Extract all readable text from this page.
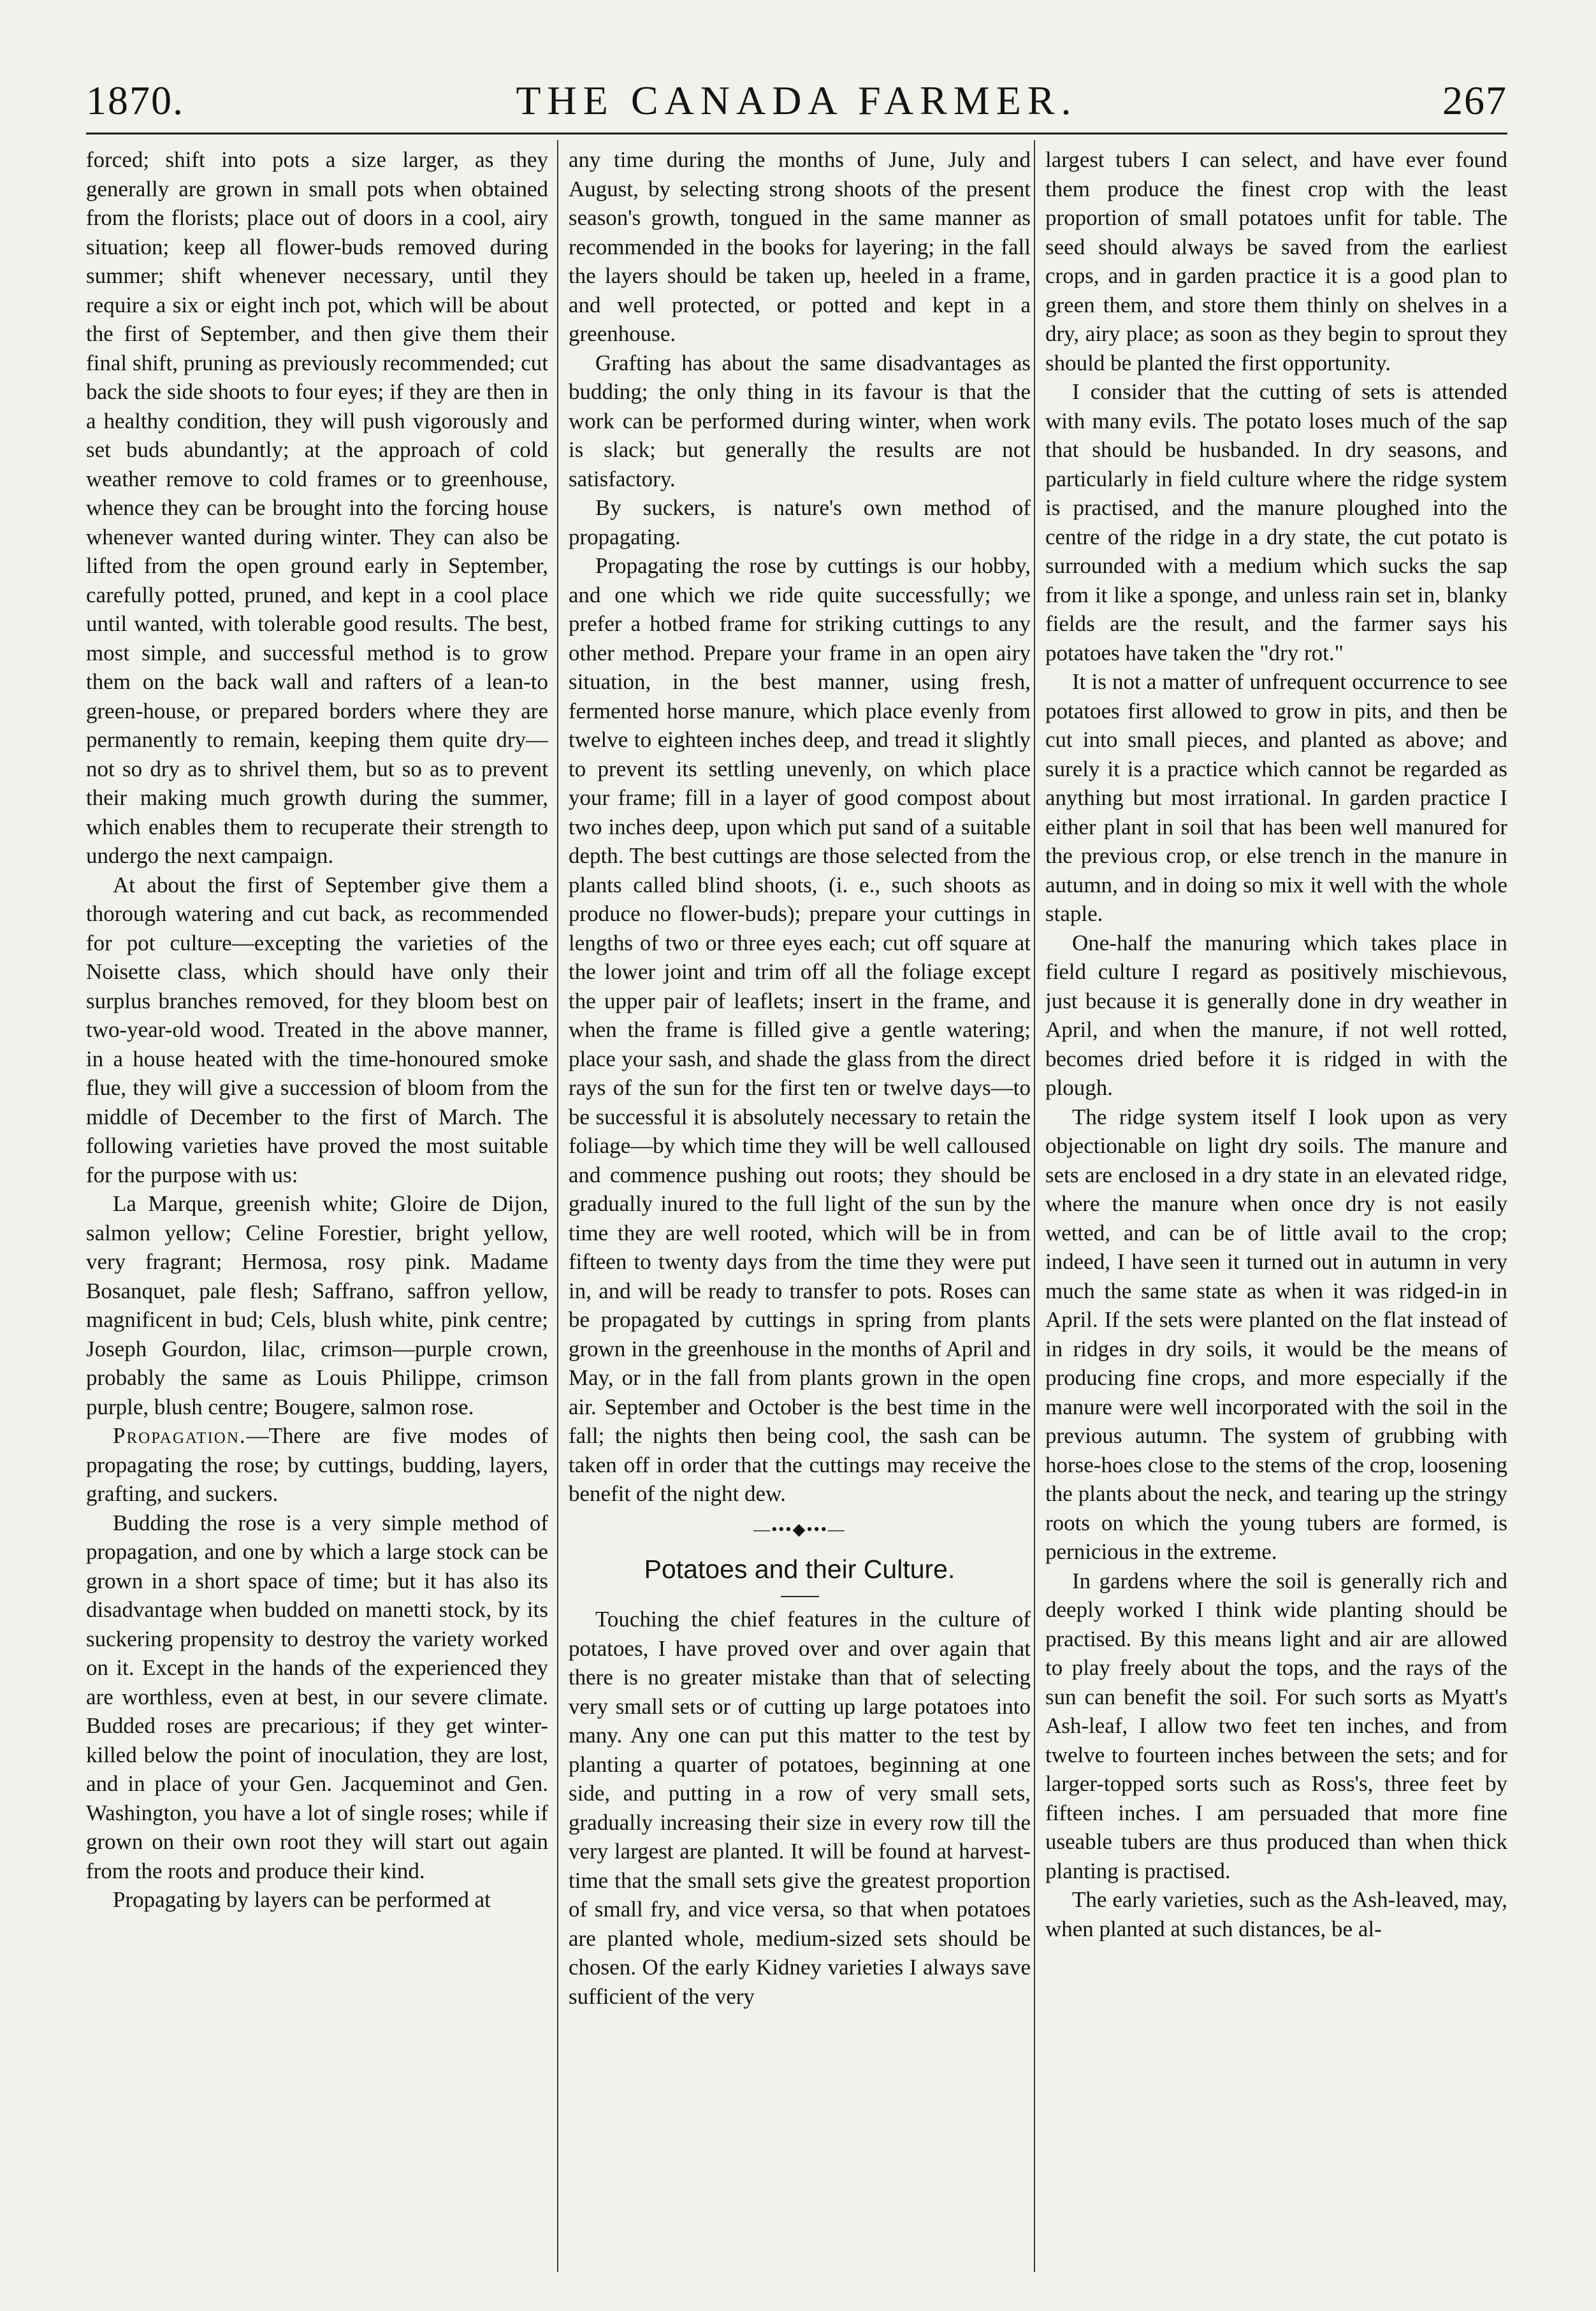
1870.	THE CANADA FARMER.	267

forced; shift into pots a size larger, as they generally are grown in small pots when obtained from the florists; place out of doors in a cool, airy situation; keep all flower-buds removed during summer; shift whenever necessary, until they require a six or eight inch pot, which will be about the first of September, and then give them their final shift, pruning as previously recommended; cut back the side shoots to four eyes; if they are then in a healthy condition, they will push vigorously and set buds abundantly; at the approach of cold weather remove to cold frames or to greenhouse, whence they can be brought into the forcing house whenever wanted during winter. They can also be lifted from the open ground early in September, carefully potted, pruned, and kept in a cool place until wanted, with tolerable good results. The best, most simple, and successful method is to grow them on the back wall and rafters of a lean-to green-house, or prepared borders where they are permanently to remain, keeping them quite dry—not so dry as to shrivel them, but so as to prevent their making much growth during the summer, which enables them to recuperate their strength to undergo the next campaign.

At about the first of September give them a thorough watering and cut back, as recommended for pot culture—excepting the varieties of the Noisette class, which should have only their surplus branches removed, for they bloom best on two-year-old wood. Treated in the above manner, in a house heated with the time-honoured smoke flue, they will give a succession of bloom from the middle of December to the first of March. The following varieties have proved the most suitable for the purpose with us:

La Marque, greenish white; Gloire de Dijon, salmon yellow; Celine Forestier, bright yellow, very fragrant; Hermosa, rosy pink. Madame Bosanquet, pale flesh; Saffrano, saffron yellow, magnificent in bud; Cels, blush white, pink centre; Joseph Gourdon, lilac, crimson—purple crown, probably the same as Louis Philippe, crimson purple, blush centre; Bougere, salmon rose.

Propagation.—There are five modes of propagating the rose; by cuttings, budding, layers, grafting, and suckers.

Budding the rose is a very simple method of propagation, and one by which a large stock can be grown in a short space of time; but it has also its disadvantage when budded on manetti stock, by its suckering propensity to destroy the variety worked on it. Except in the hands of the experienced they are worthless, even at best, in our severe climate. Budded roses are precarious; if they get winter-killed below the point of inoculation, they are lost, and in place of your Gen. Jacqueminot and Gen. Washington, you have a lot of single roses; while if grown on their own root they will start out again from the roots and produce their kind.

Propagating by layers can be performed at

any time during the months of June, July and August, by selecting strong shoots of the present season's growth, tongued in the same manner as recommended in the books for layering; in the fall the layers should be taken up, heeled in a frame, and well protected, or potted and kept in a greenhouse.

Grafting has about the same disadvantages as budding; the only thing in its favour is that the work can be performed during winter, when work is slack; but generally the results are not satisfactory.

By suckers, is nature's own method of propagating.

Propagating the rose by cuttings is our hobby, and one which we ride quite successfully; we prefer a hotbed frame for striking cuttings to any other method. Prepare your frame in an open airy situation, in the best manner, using fresh, fermented horse manure, which place evenly from twelve to eighteen inches deep, and tread it slightly to prevent its settling unevenly, on which place your frame; fill in a layer of good compost about two inches deep, upon which put sand of a suitable depth. The best cuttings are those selected from the plants called blind shoots, (i. e., such shoots as produce no flower-buds); prepare your cuttings in lengths of two or three eyes each; cut off square at the lower joint and trim off all the foliage except the upper pair of leaflets; insert in the frame, and when the frame is filled give a gentle watering; place your sash, and shade the glass from the direct rays of the sun for the first ten or twelve days—to be successful it is absolutely necessary to retain the foliage—by which time they will be well calloused and commence pushing out roots; they should be gradually inured to the full light of the sun by the time they are well rooted, which will be in from fifteen to twenty days from the time they were put in, and will be ready to transfer to pots. Roses can be propagated by cuttings in spring from plants grown in the greenhouse in the months of April and May, or in the fall from plants grown in the open air. September and October is the best time in the fall; the nights then being cool, the sash can be taken off in order that the cuttings may receive the benefit of the night dew.

—•••◆•••—
Potatoes and their Culture.

Touching the chief features in the culture of potatoes, I have proved over and over again that there is no greater mistake than that of selecting very small sets or of cutting up large potatoes into many. Any one can put this matter to the test by planting a quarter of potatoes, beginning at one side, and putting in a row of very small sets, gradually increasing their size in every row till the very largest are planted. It will be found at harvest-time that the small sets give the greatest proportion of small fry, and vice versa, so that when potatoes are planted whole, medium-sized sets should be chosen. Of the early Kidney varieties I always save sufficient of the very

largest tubers I can select, and have ever found them produce the finest crop with the least proportion of small potatoes unfit for table. The seed should always be saved from the earliest crops, and in garden practice it is a good plan to green them, and store them thinly on shelves in a dry, airy place; as soon as they begin to sprout they should be planted the first opportunity.

I consider that the cutting of sets is attended with many evils. The potato loses much of the sap that should be husbanded. In dry seasons, and particularly in field culture where the ridge system is practised, and the manure ploughed into the centre of the ridge in a dry state, the cut potato is surrounded with a medium which sucks the sap from it like a sponge, and unless rain set in, blanky fields are the result, and the farmer says his potatoes have taken the "dry rot."

It is not a matter of unfrequent occurrence to see potatoes first allowed to grow in pits, and then be cut into small pieces, and planted as above; and surely it is a practice which cannot be regarded as anything but most irrational. In garden practice I either plant in soil that has been well manured for the previous crop, or else trench in the manure in autumn, and in doing so mix it well with the whole staple.

One-half the manuring which takes place in field culture I regard as positively mischievous, just because it is generally done in dry weather in April, and when the manure, if not well rotted, becomes dried before it is ridged in with the plough.

The ridge system itself I look upon as very objectionable on light dry soils. The manure and sets are enclosed in a dry state in an elevated ridge, where the manure when once dry is not easily wetted, and can be of little avail to the crop; indeed, I have seen it turned out in autumn in very much the same state as when it was ridged-in in April. If the sets were planted on the flat instead of in ridges in dry soils, it would be the means of producing fine crops, and more especially if the manure were well incorporated with the soil in the previous autumn. The system of grubbing with horse-hoes close to the stems of the crop, loosening the plants about the neck, and tearing up the stringy roots on which the young tubers are formed, is pernicious in the extreme.

In gardens where the soil is generally rich and deeply worked I think wide planting should be practised. By this means light and air are allowed to play freely about the tops, and the rays of the sun can benefit the soil. For such sorts as Myatt's Ash-leaf, I allow two feet ten inches, and from twelve to fourteen inches between the sets; and for larger-topped sorts such as Ross's, three feet by fifteen inches. I am persuaded that more fine useable tubers are thus produced than when thick planting is practised.

The early varieties, such as the Ash-leaved, may, when planted at such distances, be al-
